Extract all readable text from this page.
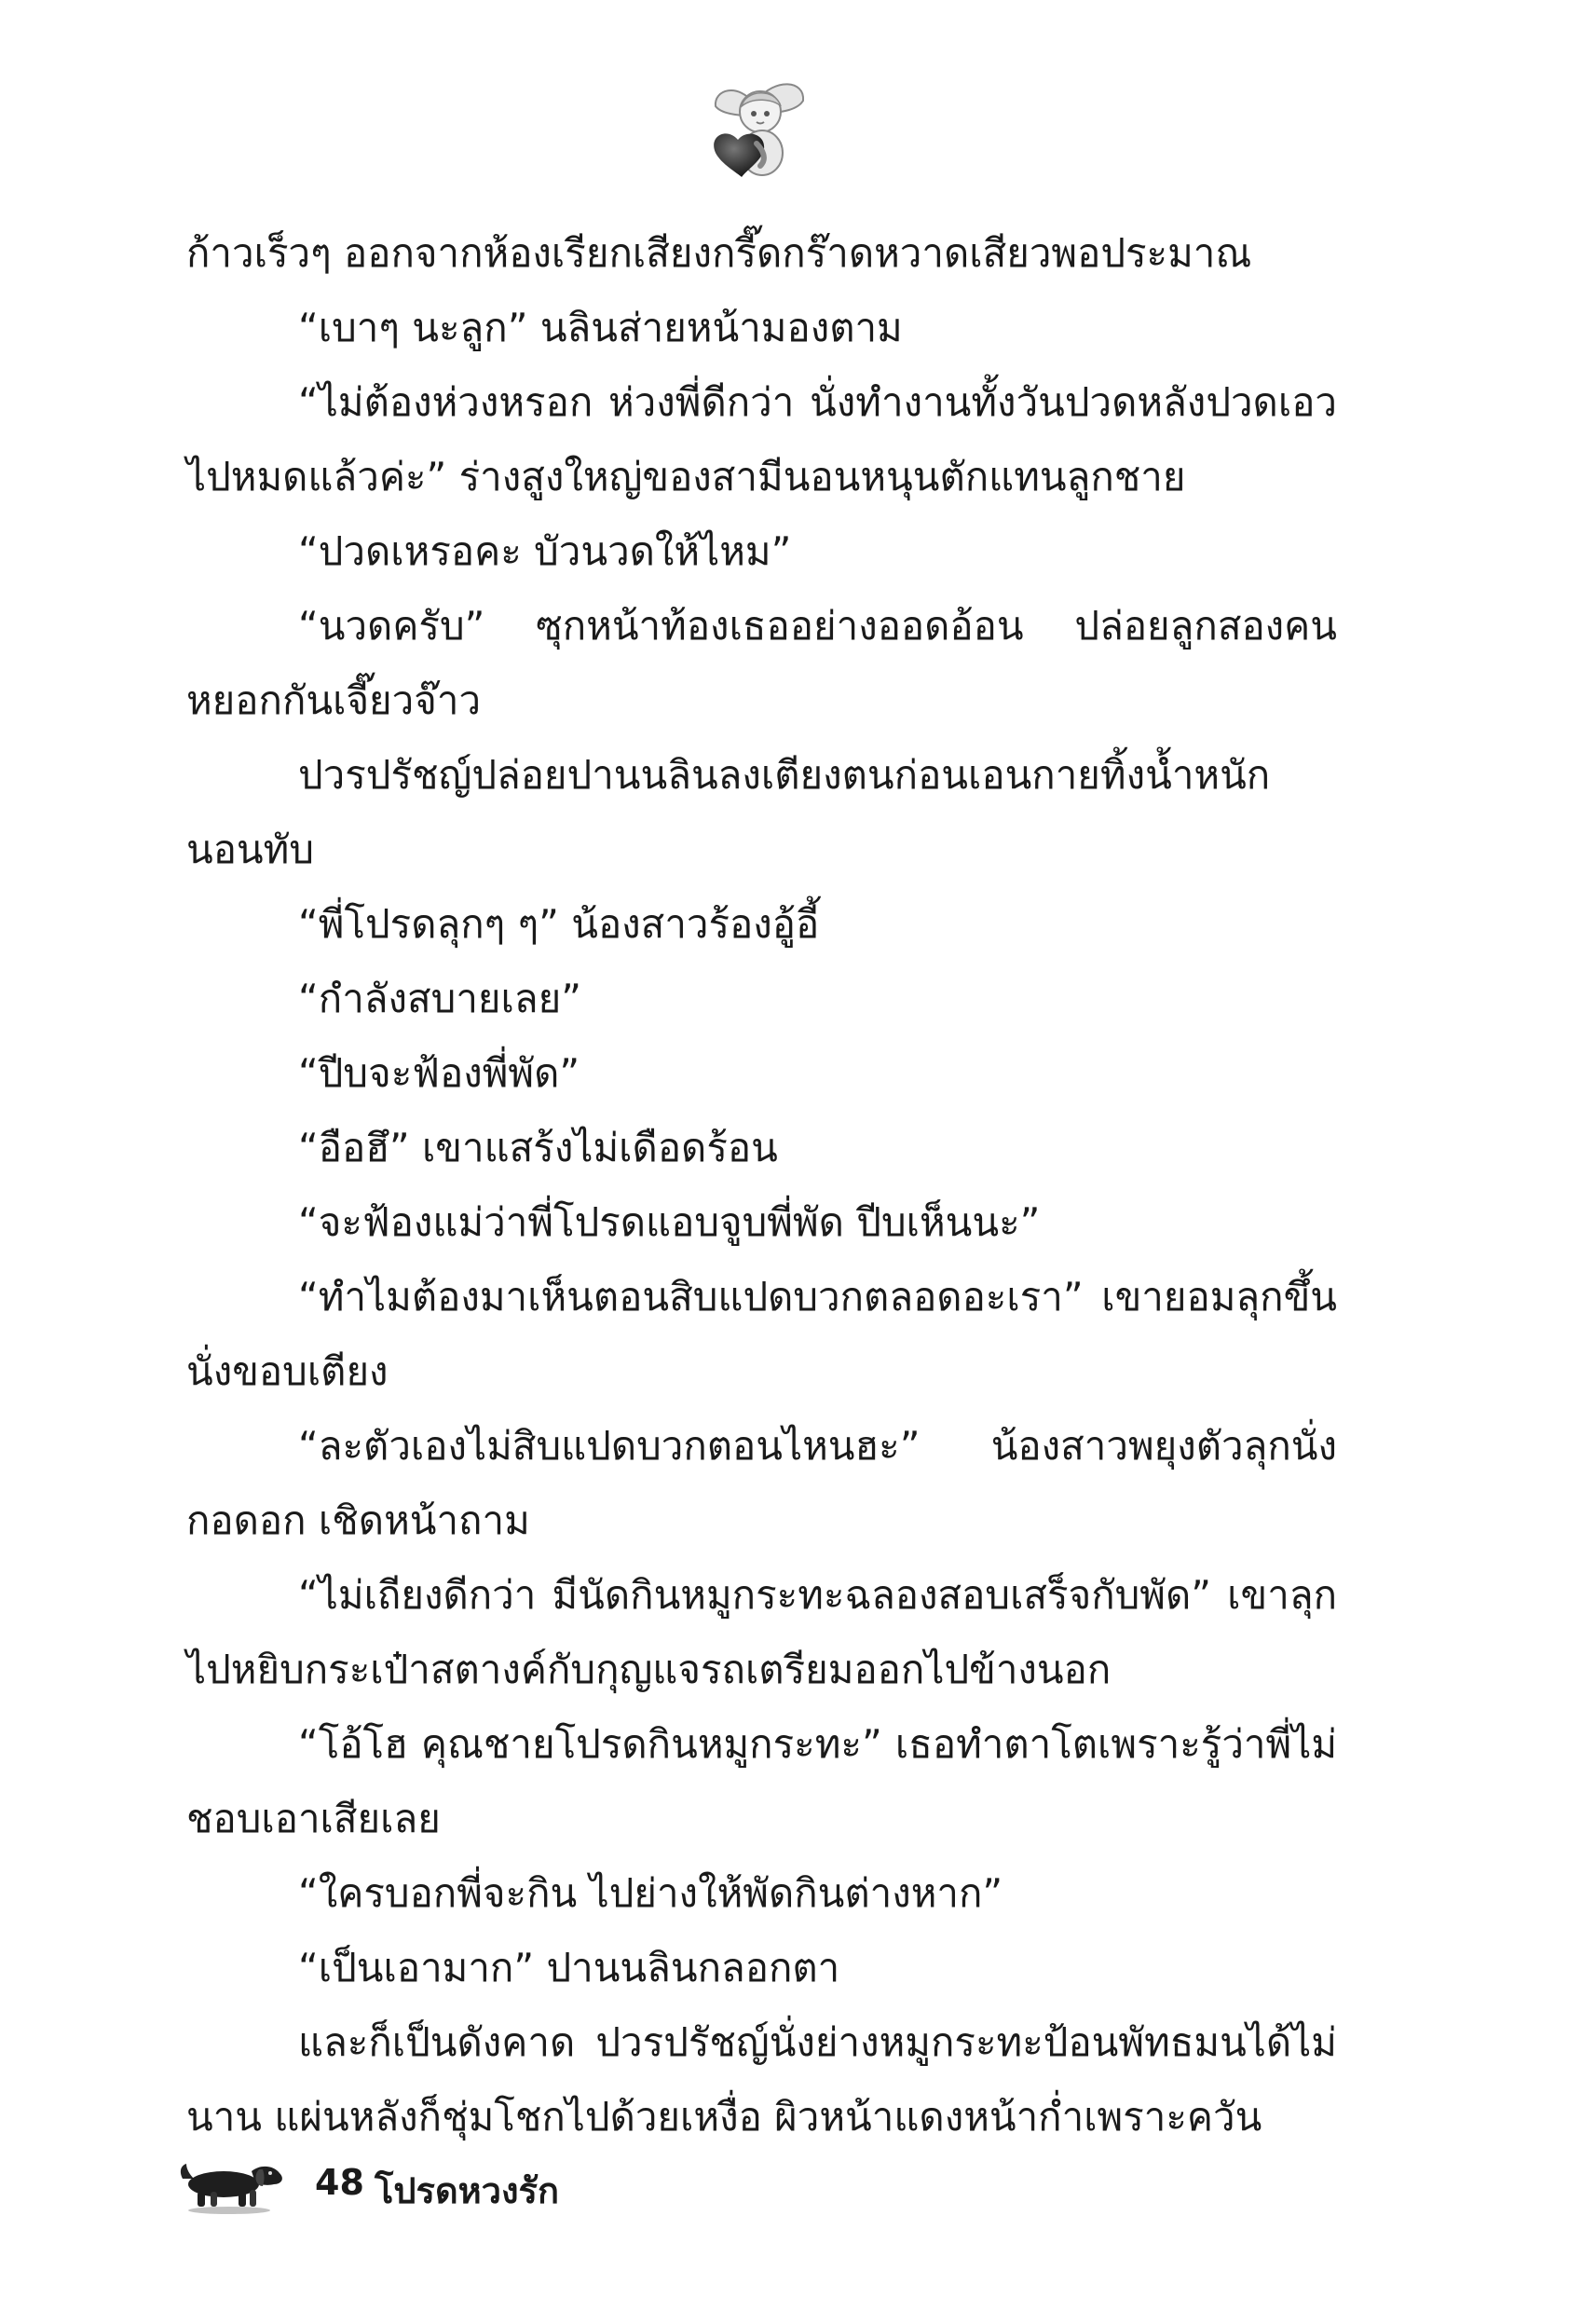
ก้าวเร็วๆ ออกจากห้องเรียกเสียงกรี๊ดกร๊าดหวาดเสียวพอประมาณ

“เบาๆ นะลูก” นลินส่ายหน้ามองตาม

“ไม่ต้องห่วงหรอก ห่วงพี่ดีกว่า นั่งทำงานทั้งวันปวดหลังปวดเอวไปหมดแล้วค่ะ” ร่างสูงใหญ่ของสามีนอนหนุนตักแทนลูกชาย

“ปวดเหรอคะ บัวนวดให้ไหม”

“นวดครับ” ซุกหน้าท้องเธออย่างออดอ้อน ปล่อยลูกสองคนหยอกกันเจี๊ยวจ๊าว

ปวรปรัชญ์ปล่อยปานนลินลงเตียงตนก่อนเอนกายทิ้งน้ำหนักนอนทับ

“พี่โปรดลุกๆ ๆ” น้องสาวร้องอู้อี้

“กำลังสบายเลย”

“ปีบจะฟ้องพี่พัด”

“อือฮึ” เขาแสร้งไม่เดือดร้อน

“จะฟ้องแม่ว่าพี่โปรดแอบจูบพี่พัด ปีบเห็นนะ”

“ทำไมต้องมาเห็นตอนสิบแปดบวกตลอดอะเรา” เขายอมลุกขึ้นนั่งขอบเตียง

“ละตัวเองไม่สิบแปดบวกตอนไหนฮะ” น้องสาวพยุงตัวลุกนั่งกอดอก เชิดหน้าถาม

“ไม่เถียงดีกว่า มีนัดกินหมูกระทะฉลองสอบเสร็จกับพัด” เขาลุกไปหยิบกระเป๋าสตางค์กับกุญแจรถเตรียมออกไปข้างนอก

“โอ้โฮ คุณชายโปรดกินหมูกระทะ” เธอทำตาโตเพราะรู้ว่าพี่ไม่ชอบเอาเสียเลย

“ใครบอกพี่จะกิน ไปย่างให้พัดกินต่างหาก”

“เป็นเอามาก” ปานนลินกลอกตา

และก็เป็นดังคาด ปวรปรัชญ์นั่งย่างหมูกระทะป้อนพัทธมนได้ไม่นาน แผ่นหลังก็ชุ่มโชกไปด้วยเหงื่อ ผิวหน้าแดงหน้าก่ำเพราะควัน

48 โปรดหวงรัก
